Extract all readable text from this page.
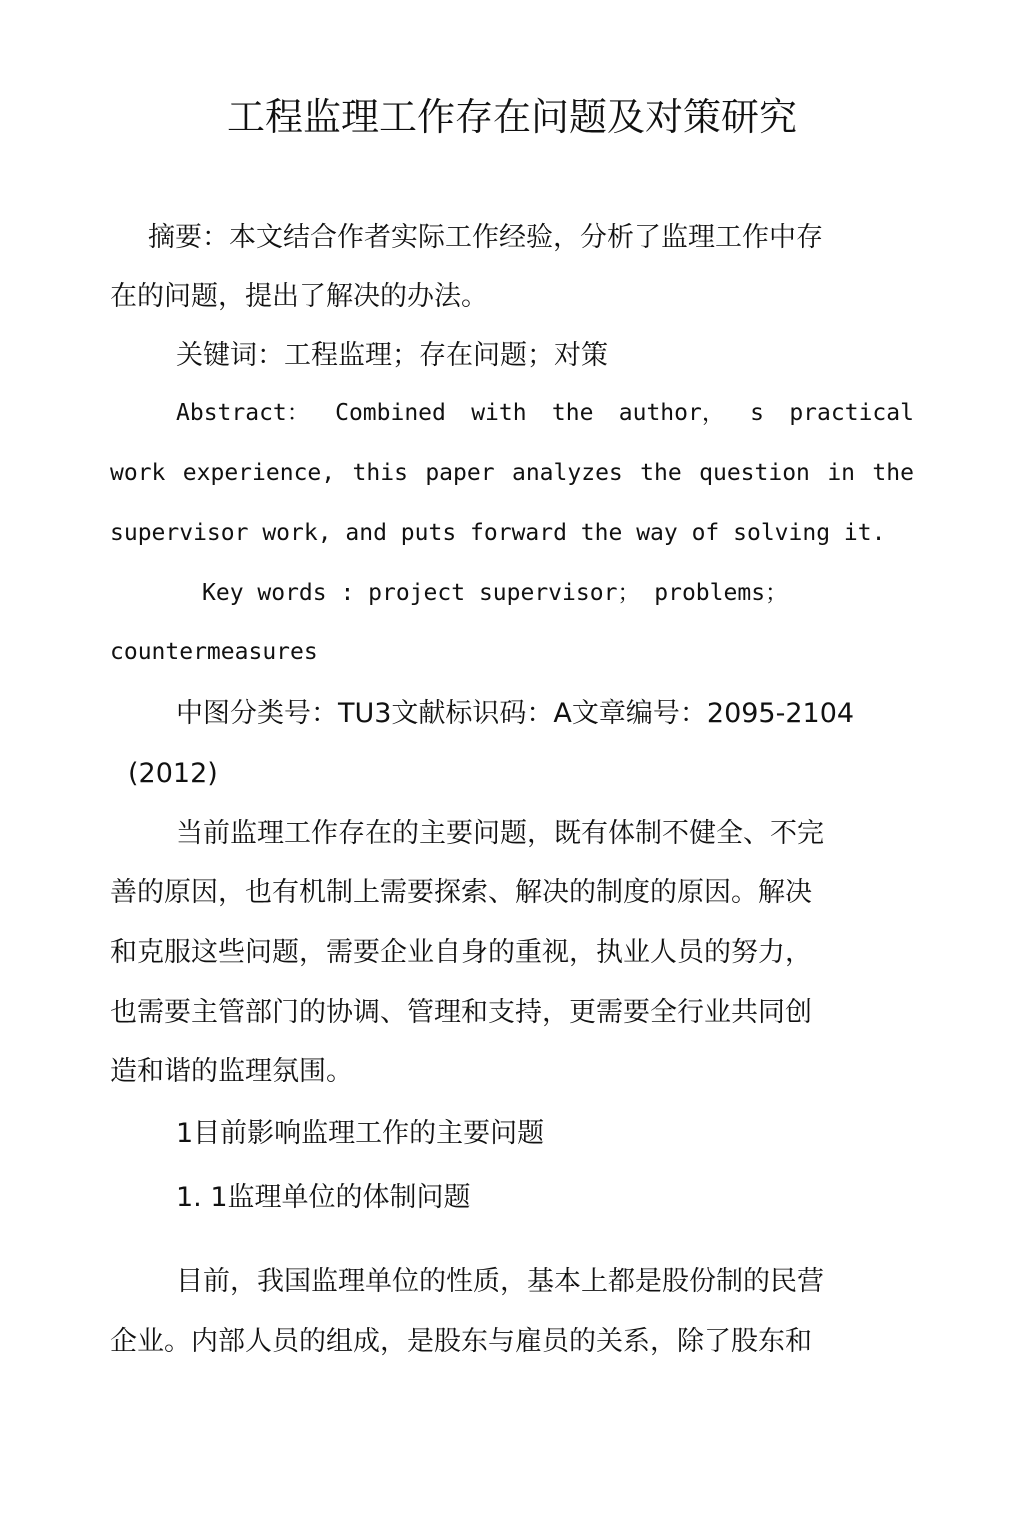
工程监理工作存在问题及对策研究
摘要：本文结合作者实际工作经验，分析了监理工作中存
在的问题，提出了解决的办法。
关键词：工程监理；存在问题；对策
Abstract： Combined with the author， s practical
work experience, this paper analyzes the question in the
supervisor work, and puts forward the way of solving it.
Key words : project supervisor； problems；
countermeasures
中图分类号：TU3文献标识码：A文章编号：2095-2104
(2012)
当前监理工作存在的主要问题，既有体制不健全、不完
善的原因，也有机制上需要探索、解决的制度的原因。解决
和克服这些问题，需要企业自身的重视，执业人员的努力，
也需要主管部门的协调、管理和支持，更需要全行业共同创
造和谐的监理氛围。
1目前影响监理工作的主要问题
1. 1监理单位的体制问题
目前，我国监理单位的性质，基本上都是股份制的民营
企业。内部人员的组成，是股东与雇员的关系，除了股东和
